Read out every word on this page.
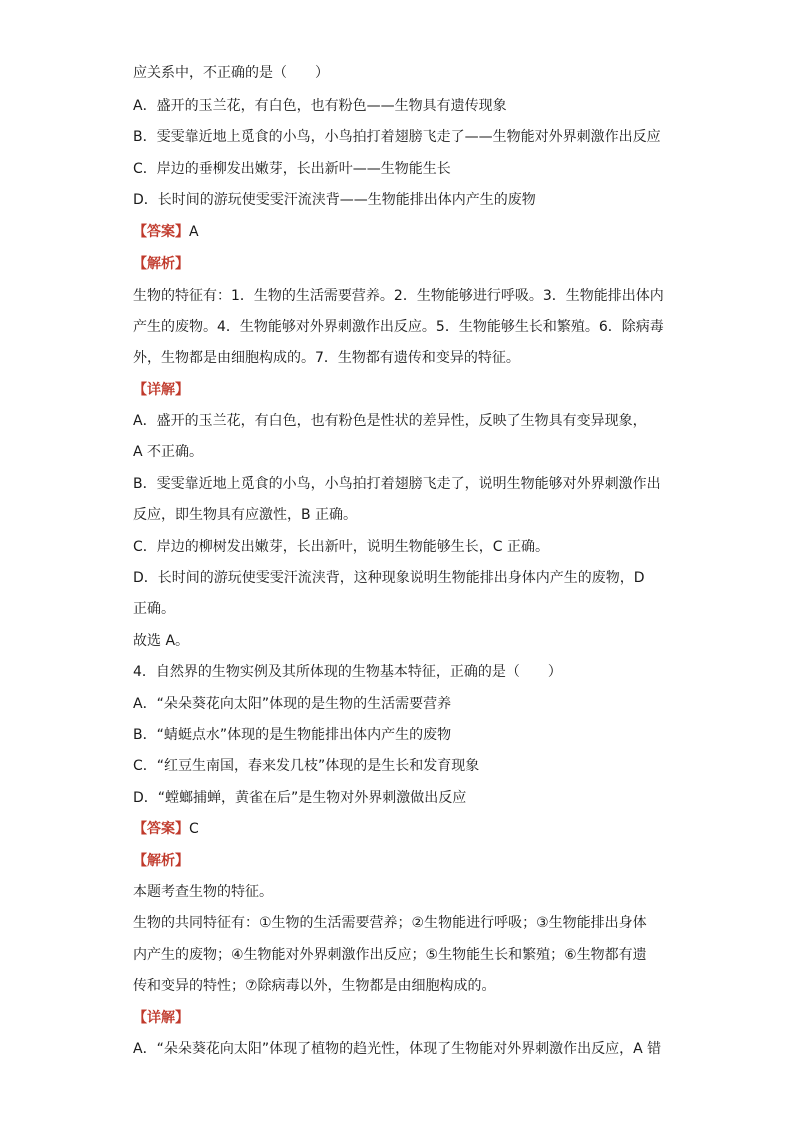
应关系中，不正确的是（　　）
A．盛开的玉兰花，有白色，也有粉色——生物具有遗传现象
B．雯雯靠近地上觅食的小鸟，小鸟拍打着翅膀飞走了——生物能对外界刺激作出反应
C．岸边的垂柳发出嫩芽，长出新叶——生物能生长
D．长时间的游玩使雯雯汗流浃背——生物能排出体内产生的废物
【答案】A
【解析】
生物的特征有：1．生物的生活需要营养。2．生物能够进行呼吸。3．生物能排出体内
产生的废物。4．生物能够对外界刺激作出反应。5．生物能够生长和繁殖。6．除病毒
外，生物都是由细胞构成的。7．生物都有遗传和变异的特征。
【详解】
A．盛开的玉兰花，有白色，也有粉色是性状的差异性，反映了生物具有变异现象，
A 不正确。
B．雯雯靠近地上觅食的小鸟，小鸟拍打着翅膀飞走了，说明生物能够对外界刺激作出
反应，即生物具有应激性，B 正确。
C．岸边的柳树发出嫩芽，长出新叶，说明生物能够生长，C 正确。
D．长时间的游玩使雯雯汗流浃背，这种现象说明生物能排出身体内产生的废物，D
正确。
故选 A。
4．自然界的生物实例及其所体现的生物基本特征，正确的是（　　）
A．“朵朵葵花向太阳”体现的是生物的生活需要营养
B．“蜻蜓点水”体现的是生物能排出体内产生的废物
C．“红豆生南国，春来发几枝”体现的是生长和发育现象
D．“螳螂捕蝉，黄雀在后”是生物对外界刺激做出反应
【答案】C
【解析】
本题考查生物的特征。
生物的共同特征有：①生物的生活需要营养；②生物能进行呼吸；③生物能排出身体
内产生的废物；④生物能对外界刺激作出反应；⑤生物能生长和繁殖；⑥生物都有遗
传和变异的特性；⑦除病毒以外，生物都是由细胞构成的。
【详解】
A．“朵朵葵花向太阳”体现了植物的趋光性，体现了生物能对外界刺激作出反应，A 错
